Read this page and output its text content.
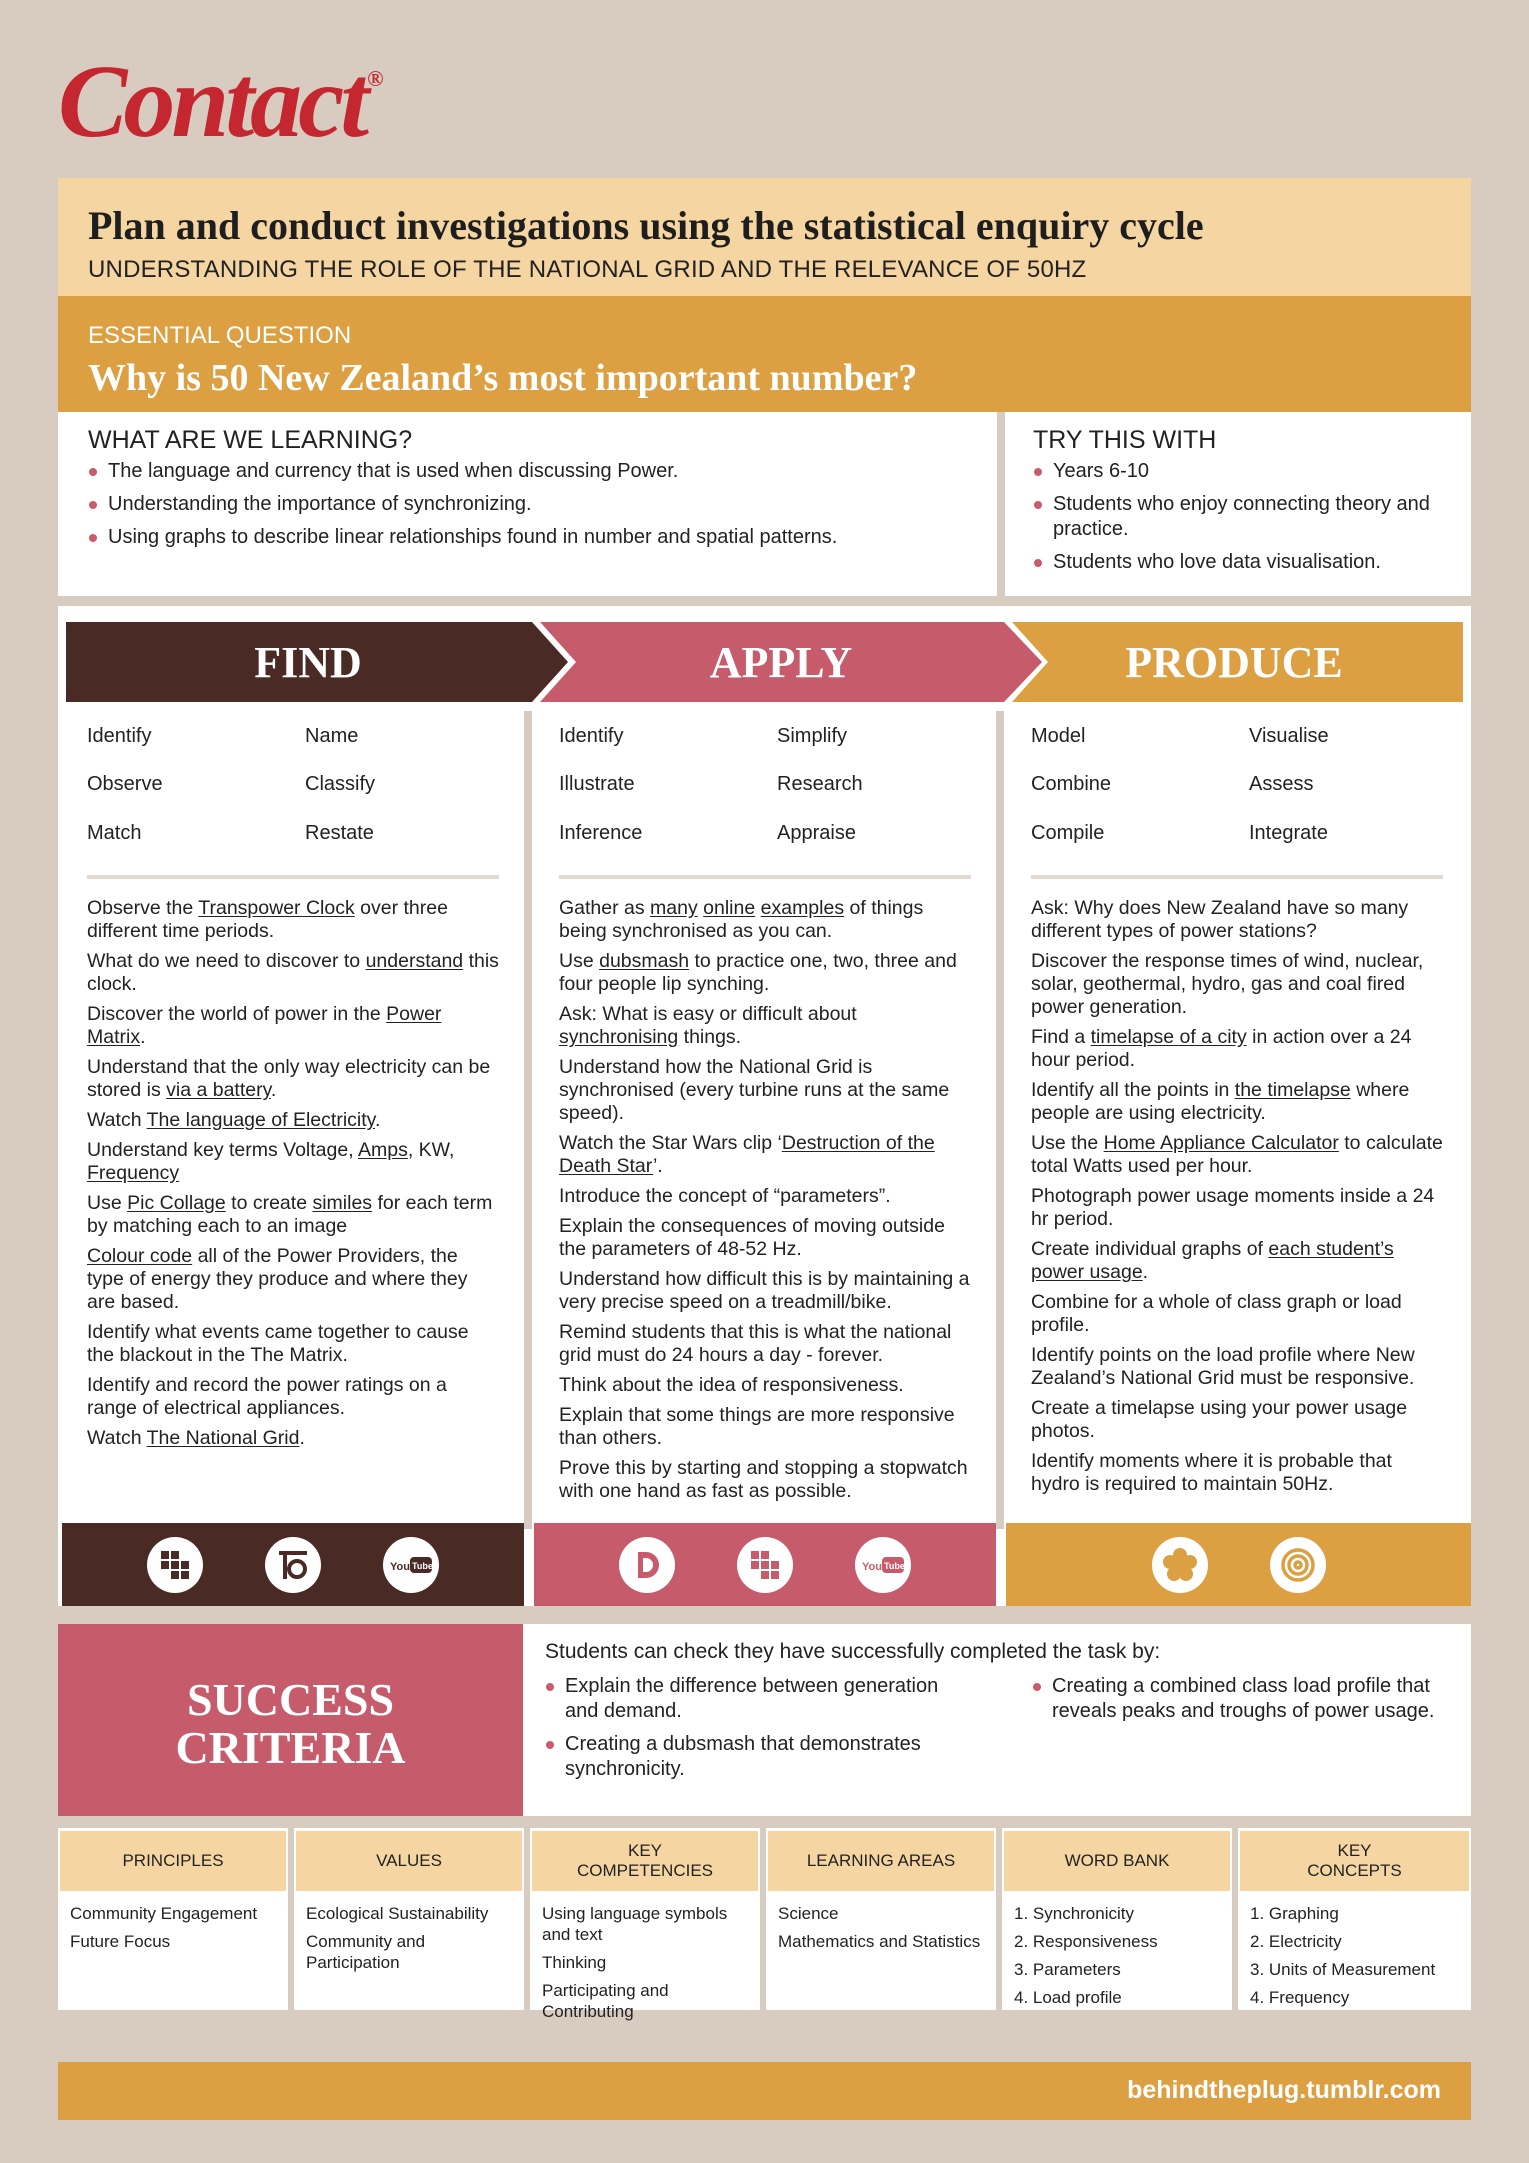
Contact®
Plan and conduct investigations using the statistical enquiry cycle
UNDERSTANDING THE ROLE OF THE NATIONAL GRID AND THE RELEVANCE OF 50HZ
ESSENTIAL QUESTION
Why is 50 New Zealand’s most important number?
WHAT ARE WE LEARNING?
The language and currency that is used when discussing Power.
Understanding the importance of synchronizing.
Using graphs to describe linear relationships found in number and spatial patterns.
TRY THIS WITH
Years 6-10
Students who enjoy connecting theory and practice.
Students who love data visualisation.
FIND	APPLY	PRODUCE
Identify	Name
Observe	Classify
Match	Restate

Observe the Transpower Clock over three different time periods.

What do we need to discover to understand this clock.

Discover the world of power in the Power Matrix.

Understand that the only way electricity can be stored is via a battery.

Watch The language of Electricity.

Understand key terms Voltage, Amps, KW, Frequency

Use Pic Collage to create similes for each term by matching each to an image

Colour code all of the Power Providers, the type of energy they produce and where they are based.

Identify what events came together to cause the blackout in the The Matrix.

Identify and record the power ratings on a range of electrical appliances.

Watch The National Grid.

Identify	Simplify
Illustrate	Research
Inference	Appraise

Gather as many online examples of things being synchronised as you can.

Use dubsmash to practice one, two, three and four people lip synching.

Ask: What is easy or difficult about synchronising things.

Understand how the National Grid is synchronised (every turbine runs at the same speed).

Watch the Star Wars clip ‘Destruction of the Death Star’.

Introduce the concept of “parameters”.

Explain the consequences of moving outside the parameters of 48-52 Hz.

Understand how difficult this is by maintaining a very precise speed on a treadmill/bike.

Remind students that this is what the national grid must do 24 hours a day - forever.

Think about the idea of responsiveness.

Explain that some things are more responsive than others.

Prove this by starting and stopping a stopwatch with one hand as fast as possible.

Model	Visualise
Combine	Assess
Compile	Integrate

Ask: Why does New Zealand have so many different types of power stations?

Discover the response times of wind, nuclear, solar, geothermal, hydro, gas and coal fired power generation.

Find a timelapse of a city in action over a 24 hour period.

Identify all the points in the timelapse where people are using electricity.

Use the Home Appliance Calculator to calculate total Watts used per hour.

Photograph power usage moments inside a 24 hr period.

Create individual graphs of each student’s power usage.

Combine for a whole of class graph or load profile.

Identify points on the load profile where New Zealand’s National Grid must be responsive.

Create a timelapse using your power usage photos.

Identify moments where it is probable that hydro is required to maintain 50Hz.

You Tube	You Tube
SUCCESS
CRITERIA
Students can check they have successfully completed the task by:
Explain the difference between generation and demand.
Creating a dubsmash that demonstrates synchronicity.
Creating a combined class load profile that reveals peaks and troughs of power usage.
PRINCIPLES

Community Engagement

Future Focus

VALUES

Ecological Sustainability

Community and Participation

KEY COMPETENCIES

Using language symbols and text

Thinking

Participating and Contributing

LEARNING AREAS

Science

Mathematics and Statistics

WORD BANK

1. Synchronicity

2. Responsiveness

3. Parameters

4. Load profile

KEY CONCEPTS

1. Graphing

2. Electricity

3. Units of Measurement

4. Frequency

behindtheplug.tumblr.com
